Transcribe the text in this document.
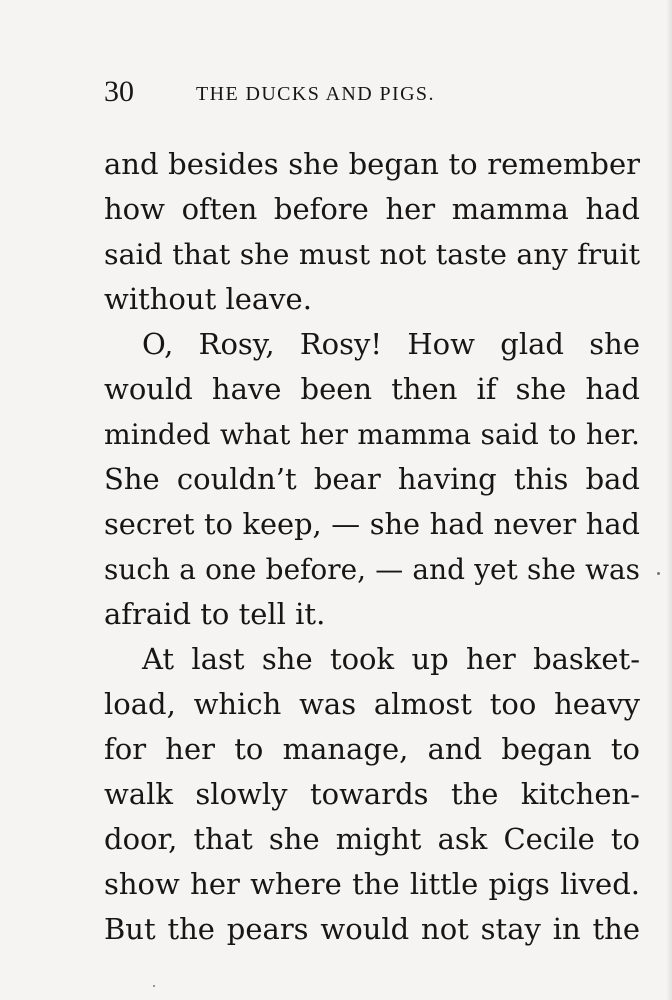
30	THE DUCKS AND PIGS.
and besides she began to remember
how often before her mamma had
said that she must not taste any fruit
without leave.
O, Rosy, Rosy! How glad she
would have been then if she had
minded what her mamma said to her.
She couldn’t bear having this bad
secret to keep, — she had never had
such a one before, — and yet she was
afraid to tell it.
At last she took up her basket-
load, which was almost too heavy
for her to manage, and began to
walk slowly towards the kitchen-
door, that she might ask Cecile to
show her where the little pigs lived.
But the pears would not stay in the
